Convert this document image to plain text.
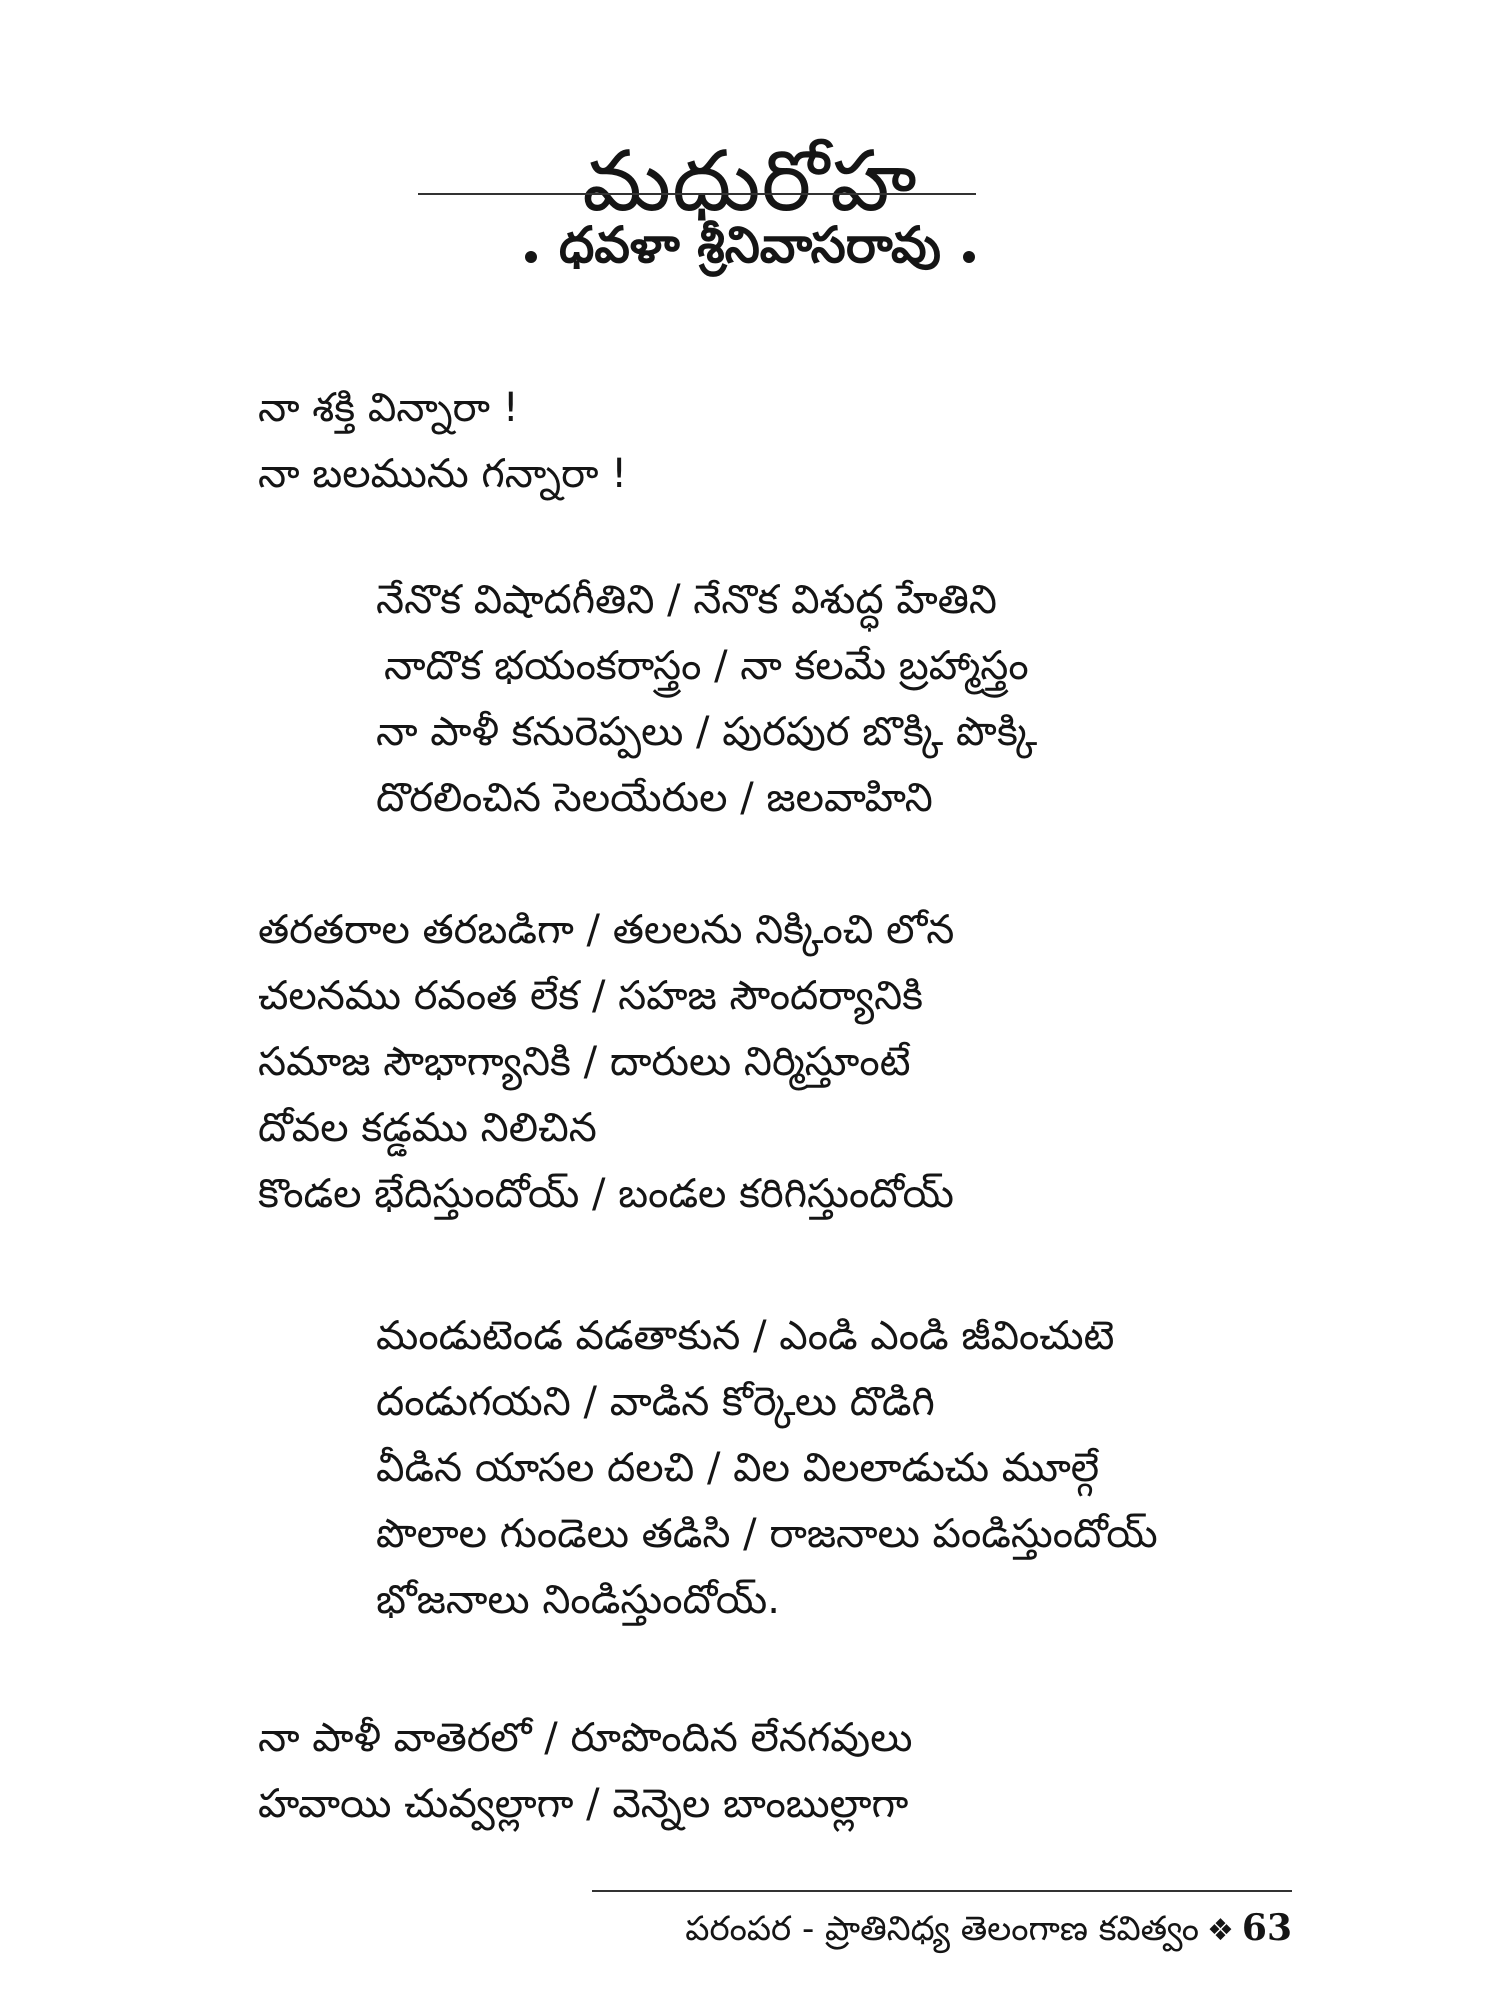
మధురోహ
ధవళా శ్రీనివాసరావు
నా శక్తి విన్నారా !
నా బలమును గన్నారా !
నేనొక విషాదగీతిని / నేనొక విశుద్ధ హేతిని
నాదొక భయంకరాస్త్రం / నా కలమే బ్రహ్మాస్త్రం
నా పాళీ కనురెప్పలు / పురపుర బొక్కి పొక్కి
దొరలించిన సెలయేరుల / జలవాహిని
తరతరాల తరబడిగా / తలలను నిక్కించి లోన
చలనము రవంత లేక / సహజ సౌందర్యానికి
సమాజ సౌభాగ్యానికి / దారులు నిర్మిస్తూంటే
దోవల కడ్డము నిలిచిన
కొండల భేదిస్తుందోయ్ / బండల కరిగిస్తుందోయ్
మండుటెండ వడతాకున / ఎండి ఎండి జీవించుటె
దండుగయని / వాడిన కోర్కెలు దొడిగి
వీడిన యాసల దలచి / విల విలలాడుచు మూల్గే
పొలాల గుండెలు తడిసి / రాజనాలు పండిస్తుందోయ్
భోజనాలు నిండిస్తుందోయ్.
నా పాళీ వాతెరలో / రూపొందిన లేనగవులు
హవాయి చువ్వల్లాగా / వెన్నెల బాంబుల్లాగా
పరంపర - ప్రాతినిధ్య తెలంగాణ కవిత్వం ❖ 63
